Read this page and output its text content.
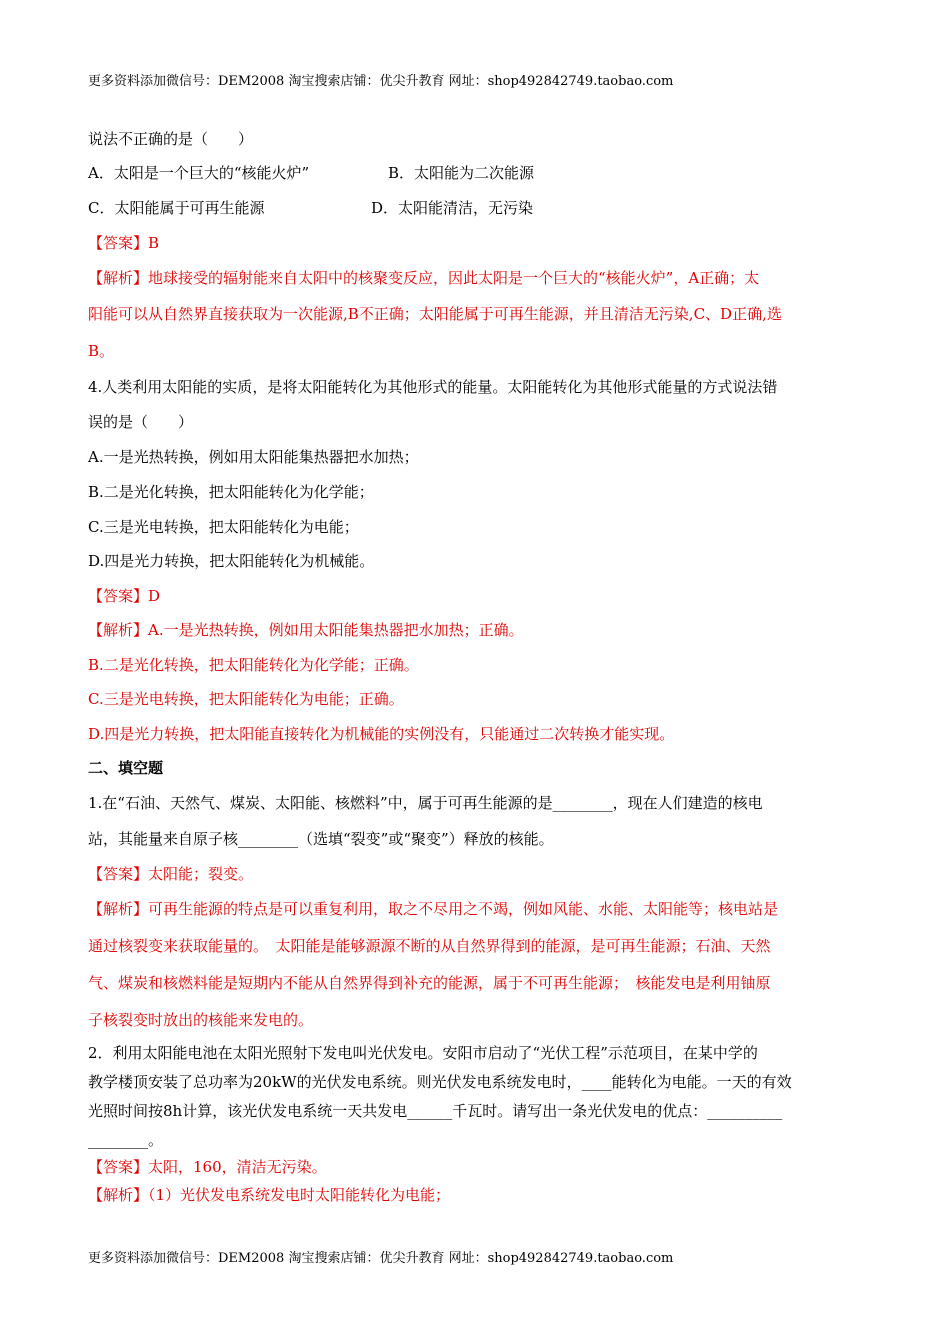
更多资料添加微信号：DEM2008 淘宝搜索店铺：优尖升教育 网址：shop492842749.taobao.com
说法不正确的是（　　）
A．太阳是一个巨大的“核能火炉”	B．太阳能为二次能源
C．太阳能属于可再生能源	D．太阳能清洁，无污染
【答案】B
【解析】地球接受的辐射能来自太阳中的核聚变反应，因此太阳是一个巨大的“核能火炉”，A正确；太
阳能可以从自然界直接获取为一次能源,B不正确；太阳能属于可再生能源，并且清洁无污染,C、D正确,选
B。
4.人类利用太阳能的实质，是将太阳能转化为其他形式的能量。太阳能转化为其他形式能量的方式说法错
误的是（　　）
A.一是光热转换，例如用太阳能集热器把水加热；
B.二是光化转换，把太阳能转化为化学能；
C.三是光电转换，把太阳能转化为电能；
D.四是光力转换，把太阳能转化为机械能。
【答案】D
【解析】A.一是光热转换，例如用太阳能集热器把水加热；正确。
B.二是光化转换，把太阳能转化为化学能；正确。
C.三是光电转换，把太阳能转化为电能；正确。
D.四是光力转换，把太阳能直接转化为机械能的实例没有，只能通过二次转换才能实现。
二、填空题
1.在“石油、天然气、煤炭、太阳能、核燃料”中，属于可再生能源的是________，现在人们建造的核电
站，其能量来自原子核________（选填“裂变”或“聚变”）释放的核能。
【答案】太阳能；裂变。
【解析】可再生能源的特点是可以重复利用，取之不尽用之不竭，例如风能、水能、太阳能等；核电站是
通过核裂变来获取能量的。　太阳能是能够源源不断的从自然界得到的能源，是可再生能源；石油、天然
气、煤炭和核燃料能是短期内不能从自然界得到补充的能源，属于不可再生能源；　核能发电是利用铀原
子核裂变时放出的核能来发电的。
2．利用太阳能电池在太阳光照射下发电叫光伏发电。安阳市启动了“光伏工程”示范项目，在某中学的
教学楼顶安装了总功率为20kW的光伏发电系统。则光伏发电系统发电时，____能转化为电能。一天的有效
光照时间按8h计算，该光伏发电系统一天共发电______千瓦时。请写出一条光伏发电的优点：__________
________。
【答案】太阳，160，清洁无污染。
【解析】（1）光伏发电系统发电时太阳能转化为电能；
更多资料添加微信号：DEM2008 淘宝搜索店铺：优尖升教育 网址：shop492842749.taobao.com
